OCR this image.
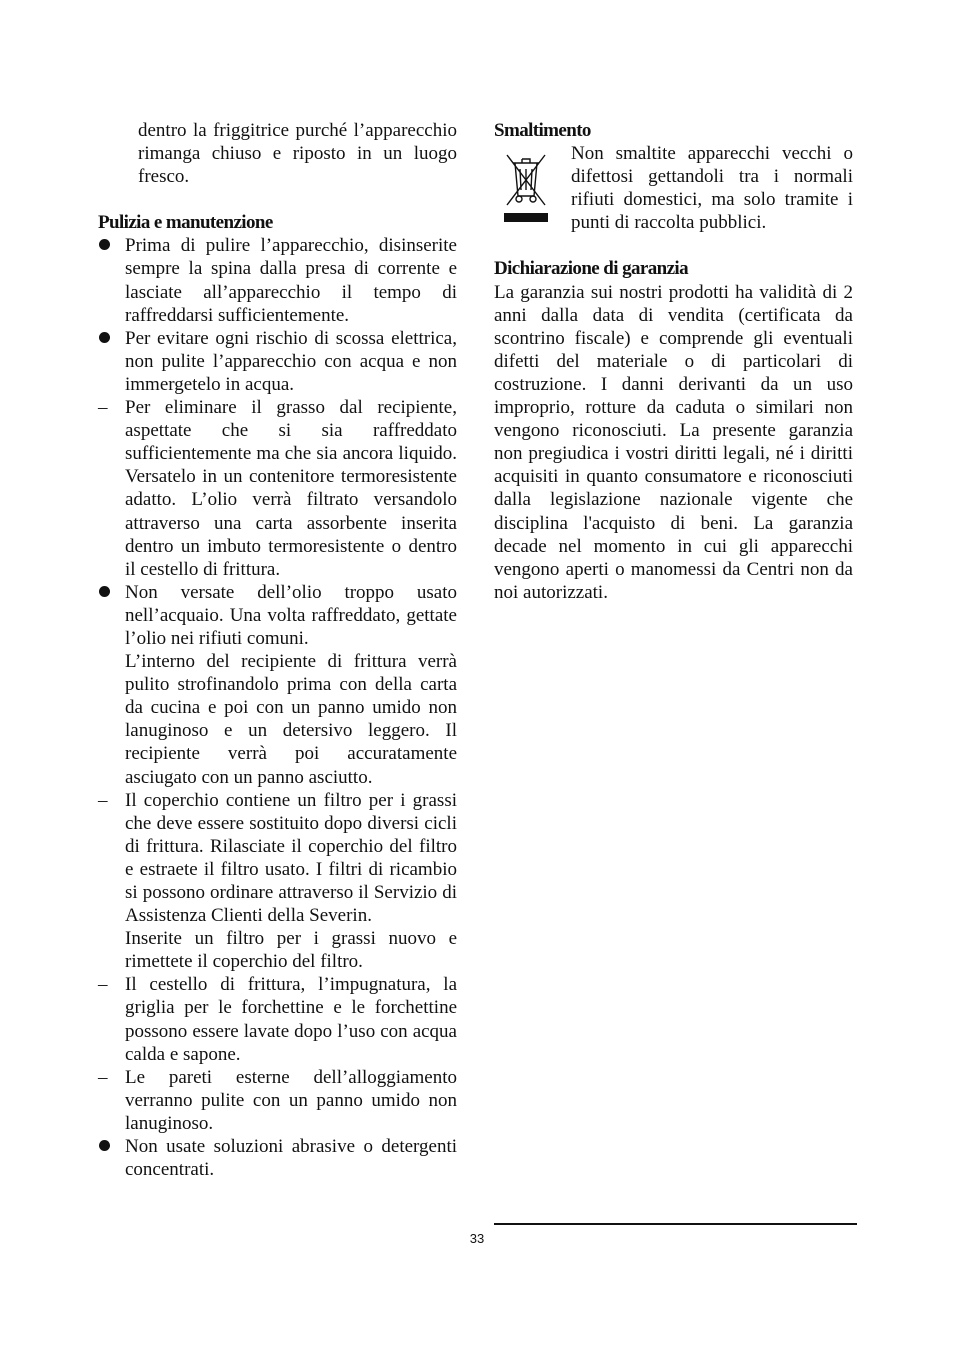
dentro la friggitrice purché l’apparecchio rimanga chiuso e riposto in un luogo fresco.

Pulizia e manutenzione

Prima di pulire l’apparecchio, disinserite sempre la spina dalla presa di corrente e lasciate all’apparecchio il tempo di raffreddarsi sufficientemente.

Per evitare ogni rischio di scossa elettrica, non pulite l’apparecchio con acqua e non immergetelo in acqua.

– Per eliminare il grasso dal recipiente, aspettate che si sia raffreddato sufficientemente ma che sia ancora liquido. Versatelo in un contenitore termoresistente adatto. L’olio verrà filtrato versandolo attraverso una carta assorbente inserita dentro un imbuto termoresistente o dentro il cestello di frittura.

Non versate dell’olio troppo usato nell’acquaio. Una volta raffreddato, gettate l’olio nei rifiuti comuni.

L’interno del recipiente di frittura verrà pulito strofinandolo prima con della carta da cucina e poi con un panno umido non lanuginoso e un detersivo leggero. Il recipiente verrà poi accuratamente asciugato con un panno asciutto.

– Il coperchio contiene un filtro per i grassi che deve essere sostituito dopo diversi cicli di frittura. Rilasciate il coperchio del filtro e estraete il filtro usato. I filtri di ricambio si possono ordinare attraverso il Servizio di Assistenza Clienti della Severin.

Inserite un filtro per i grassi nuovo e rimettete il coperchio del filtro.

– Il cestello di frittura, l’impugnatura, la griglia per le forchettine e le forchettine possono essere lavate dopo l’uso con acqua calda e sapone.

– Le pareti esterne dell’alloggiamento verranno pulite con un panno umido non lanuginoso.

Non usate soluzioni abrasive o detergenti concentrati.

Smaltimento

Non smaltite apparecchi vecchi o difettosi gettandoli tra i normali rifiuti domestici, ma solo tramite i punti di raccolta pubblici.

Dichiarazione di garanzia

La garanzia sui nostri prodotti ha validità di 2 anni dalla data di vendita (certificata da scontrino fiscale) e comprende gli eventuali difetti del materiale o di particolari di costruzione. I danni derivanti da un uso improprio, rotture da caduta o similari non vengono riconosciuti. La presente garanzia non pregiudica i vostri diritti legali, né i diritti acquisiti in quanto consumatore e riconosciuti dalla legislazione nazionale vigente che disciplina l'acquisto di beni. La garanzia decade nel momento in cui gli apparecchi vengono aperti o manomessi da Centri non da noi autorizzati.

33
